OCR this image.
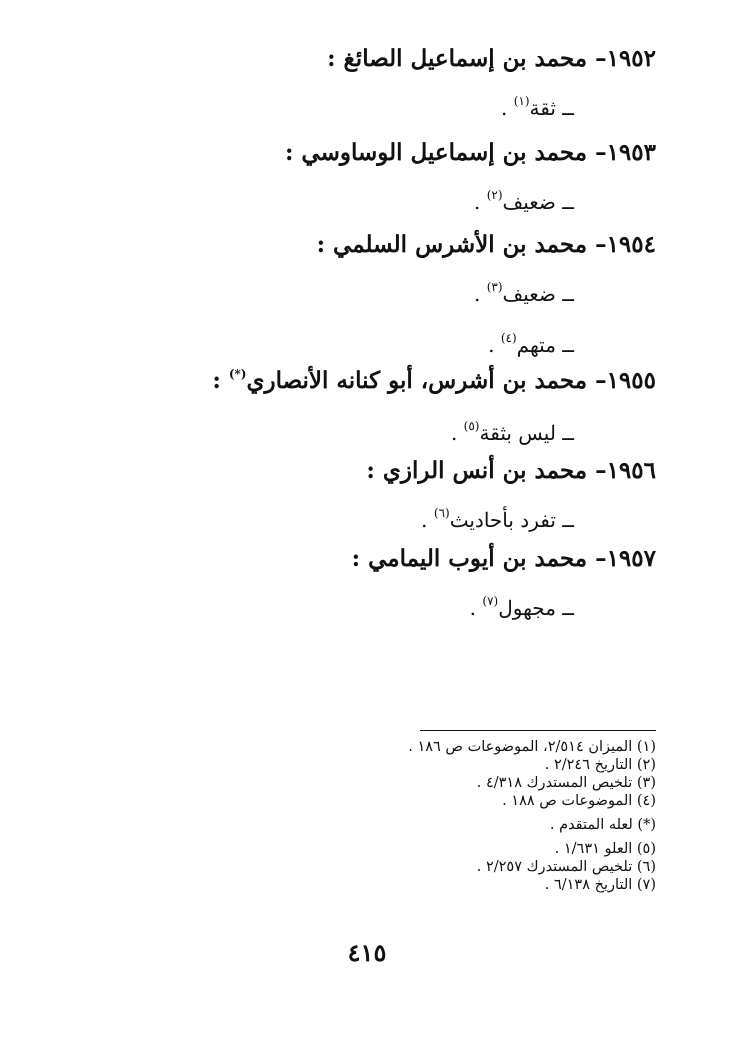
١٩٥٢– محمد بن إسماعيل الصائغ :
ــ ثقة$^{(١)}$ .
١٩٥٣– محمد بن إسماعيل الوساوسي :
ــ ضعيف$^{(٢)}$ .
١٩٥٤– محمد بن الأشرس السلمي :
ــ ضعيف$^{(٣)}$ .
ــ متهم$^{(٤)}$ .
١٩٥٥– محمد بن أشرس، أبو كنانه الأنصاري(*) :
ــ ليس بثقة$^{(٥)}$ .
١٩٥٦– محمد بن أنس الرازي :
ــ تفرد بأحاديث$^{(٦)}$ .
١٩٥٧– محمد بن أيوب اليمامي :
ــ مجهول$^{(٧)}$ .
(١) الميزان ٢/٥١٤، الموضوعات ص ١٨٦ .
(٢) التاريخ ٢/٢٤٦ .
(٣) تلخيص المستدرك ٤/٣١٨ .
(٤) الموضوعات ص ١٨٨ .
(*) لعله المتقدم .
(٥) العلو ١/٦٣١ .
(٦) تلخيص المستدرك ٢/٢٥٧ .
(٧) التاريخ ٦/١٣٨ .
٤١٥
